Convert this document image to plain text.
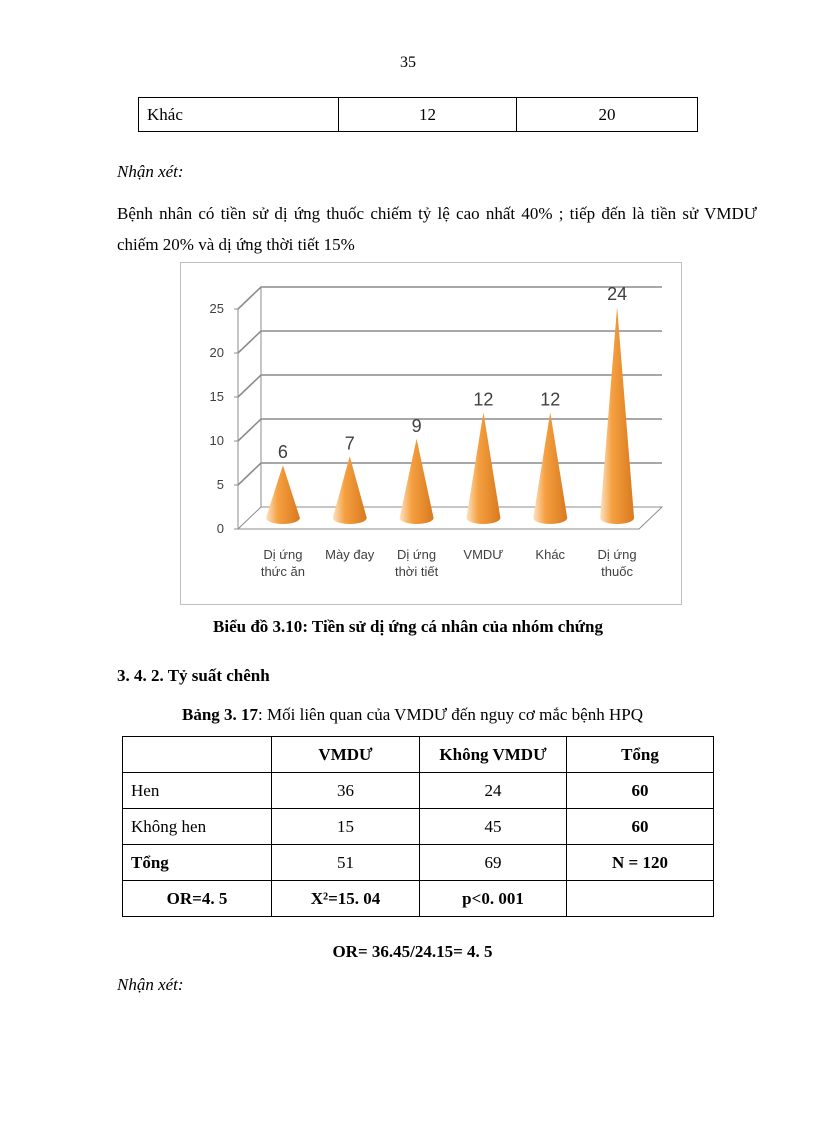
35
Khác	12	20
Nhận xét:
Bệnh nhân có tiền sử dị ứng thuốc chiếm tỷ lệ cao nhất 40% ; tiếp đến là tiền sử VMDƯ chiếm 20% và dị ứng thời tiết 15%
0
5
10
15
20
25
6
Dị ứng
thức ăn
7
Mày đay
9
Dị ứng
thời tiết
12
VMDƯ
12
Khác
24
Dị ứng
thuốc
Biểu đồ 3.10: Tiền sử dị ứng cá nhân của nhóm chứng
3. 4. 2. Tỷ suất chênh
Bảng 3. 17: Mối liên quan của VMDƯ đến nguy cơ mắc bệnh HPQ
	VMDƯ	Không VMDƯ	Tổng
Hen	36	24	60
Không hen	15	45	60
Tổng	51	69	N = 120
OR=4. 5	X²=15. 04	p<0. 001	
OR= 36.45/24.15= 4. 5
Nhận xét:
